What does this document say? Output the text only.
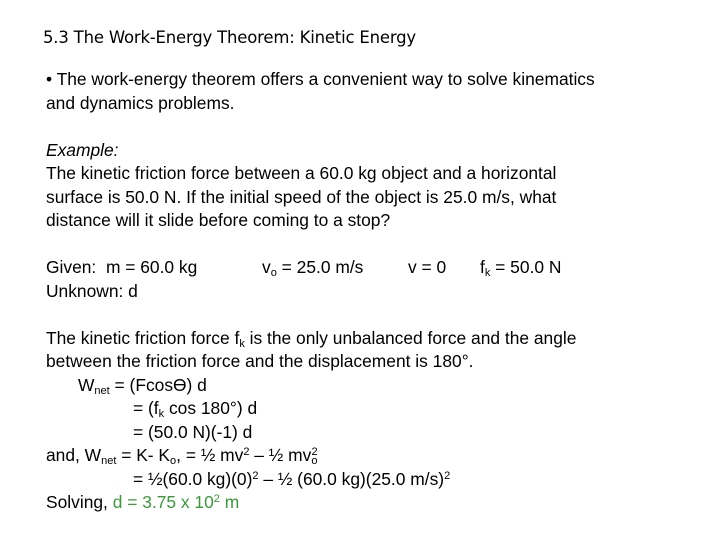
5.3 The Work-Energy Theorem: Kinetic Energy
• The work-energy theorem offers a convenient way to solve kinematics
and dynamics problems.
Example:
The kinetic friction force between a 60.0 kg object and a horizontal
surface is 50.0 N. If the initial speed of the object is 25.0 m/s, what
distance will it slide before coming to a stop?
Given: m = 60.0 kg	$v_o = 25.0$ m/s	v = 0 $f_k = 50.0$ N
Unknown: d
The kinetic friction force $f_k$ is the only unbalanced force and the angle
between the friction force and the displacement is 180°.
$W_{net} = (Fcosϴ)$ d
= ($f_k$ cos 180°) d
= (50.0 N)(-1) d
and, $W_{net} = K-$ $K_o$, = ½ $mv^2$ – ½ $mv_o^2$
= ½(60.0 $kg)(0)^2$ – ½ (60.0 kg)(25.0 m/s)$^2$
Solving, d = 3.75 x $10^2$ m
